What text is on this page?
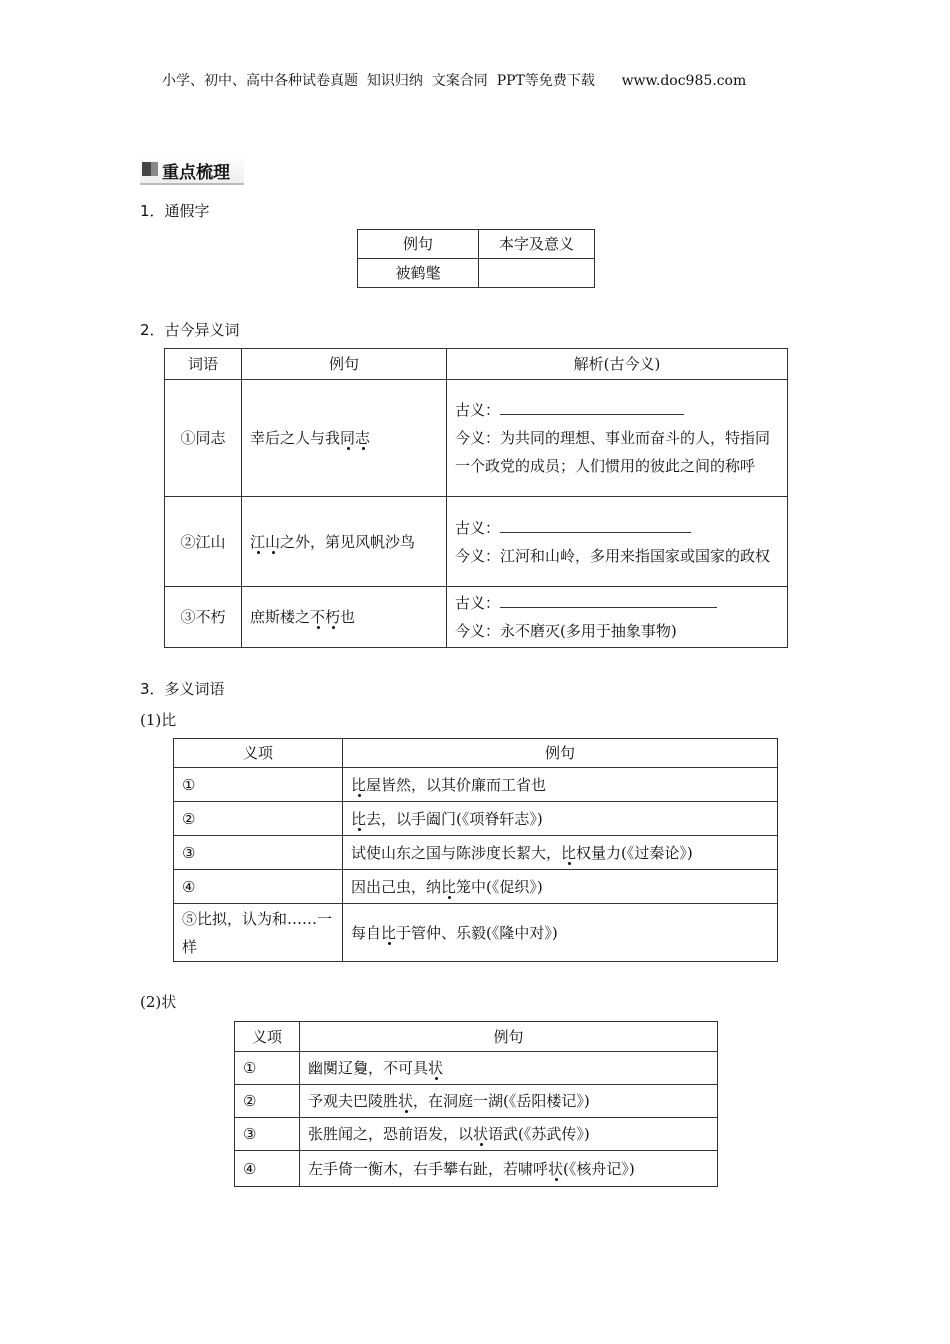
小学、初中、高中各种试卷真题  知识归纳  文案合同  PPT等免费下载      www.doc985.com
重点梳理
1．通假字
例句	本字及意义
被鹤氅	
2．古今异义词
词语	例句	解析(古今义)
①同志	幸后之人与我同志	古义：
今义：为共同的理想、事业而奋斗的人，特指同一个政党的成员；人们惯用的彼此之间的称呼

②江山	江山之外，第见风帆沙鸟	古义：
今义：江河和山岭，多用来指国家或国家的政权

③不朽	庶斯楼之不朽也	古义：
今义：永不磨灭(多用于抽象事物)
3．多义词语
(1)比
义项	例句
①	比屋皆然，以其价廉而工省也
②	比去，以手阖门(《项脊轩志》)
③	试使山东之国与陈涉度长絜大，比权量力(《过秦论》)
④	因出己虫，纳比笼中(《促织》)
⑤比拟，认为和……一样	每自比于管仲、乐毅(《隆中对》)
(2)状
义项	例句
①	幽闃辽敻，不可具状
②	予观夫巴陵胜状，在洞庭一湖(《岳阳楼记》)
③	张胜闻之，恐前语发，以状语武(《苏武传》)
④	左手倚一衡木，右手攀右趾，若啸呼状(《核舟记》)
